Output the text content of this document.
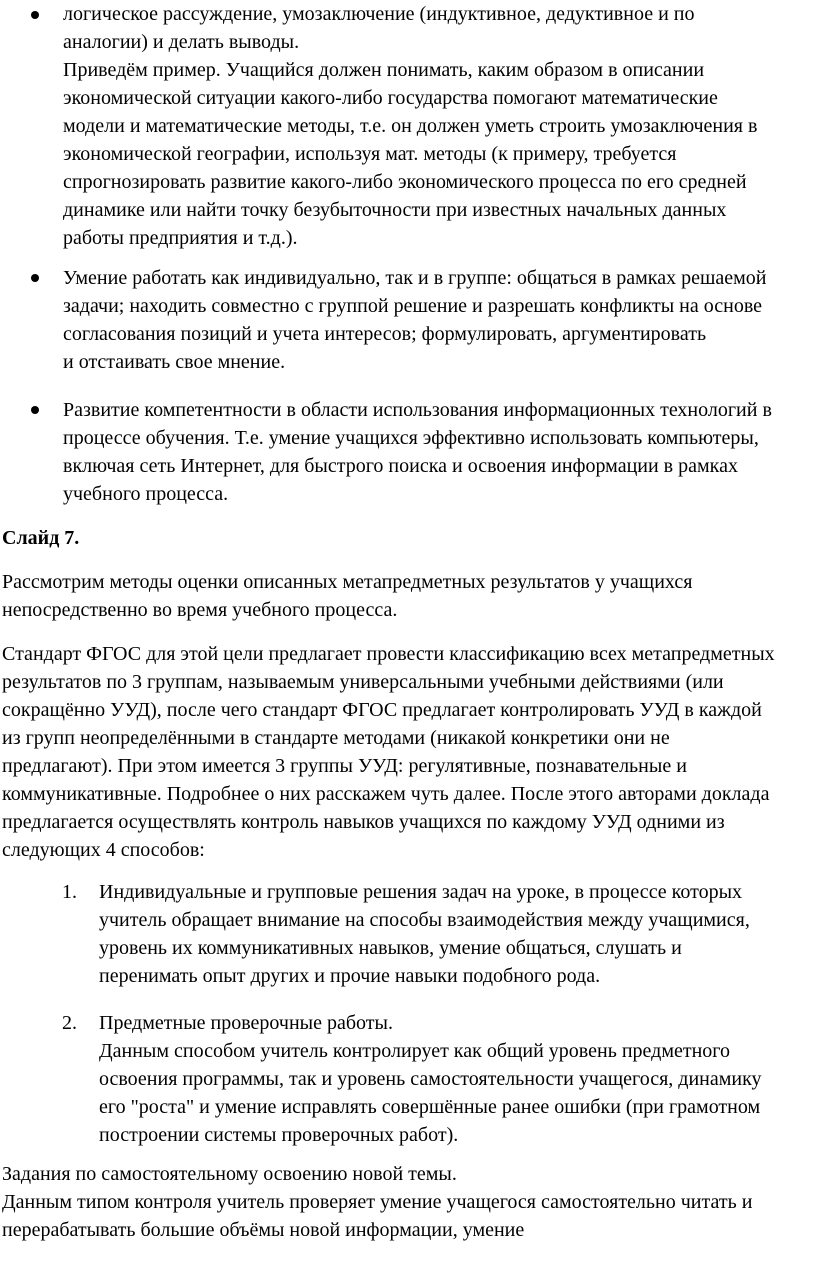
логическое рассуждение, умозаключение (индуктивное, дедуктивное и по
аналогии) и делать выводы.
Приведём пример. Учащийся должен понимать, каким образом в описании
экономической ситуации какого-либо государства помогают математические
модели и математические методы, т.е. он должен уметь строить умозаключения в
экономической географии, используя мат. методы (к примеру, требуется
спрогнозировать развитие какого-либо экономического процесса по его средней
динамике или найти точку безубыточности при известных начальных данных
работы предприятия и т.д.).
Умение работать как индивидуально, так и в группе: общаться в рамках решаемой
задачи; находить совместно с группой решение и разрешать конфликты на основе
согласования позиций и учета интересов; формулировать, аргументировать
и отстаивать свое мнение.
Развитие компетентности в области использования информационных технологий в
процессе обучения. Т.е. умение учащихся эффективно использовать компьютеры,
включая сеть Интернет, для быстрого поиска и освоения информации в рамках
учебного процесса.
Слайд 7.
Рассмотрим методы оценки описанных метапредметных результатов у учащихся
непосредственно во время учебного процесса.
Стандарт ФГОС для этой цели предлагает провести классификацию всех метапредметных
результатов по 3 группам, называемым универсальными учебными действиями (или
сокращённо УУД), после чего стандарт ФГОС предлагает контролировать УУД в каждой
из групп неопределёнными в стандарте методами (никакой конкретики они не
предлагают). При этом имеется 3 группы УУД: регулятивные, познавательные и
коммуникативные. Подробнее о них расскажем чуть далее. После этого авторами доклада
предлагается осуществлять контроль навыков учащихся по каждому УУД одними из
следующих 4 способов:
1. Индивидуальные и групповые решения задач на уроке, в процессе которых
учитель обращает внимание на способы взаимодействия между учащимися,
уровень их коммуникативных навыков, умение общаться, слушать и
перенимать опыт других и прочие навыки подобного рода.
2. Предметные проверочные работы.
Данным способом учитель контролирует как общий уровень предметного
освоения программы, так и уровень самостоятельности учащегося, динамику
его "роста" и умение исправлять совершённые ранее ошибки (при грамотном
построении системы проверочных работ).
Задания по самостоятельному освоению новой темы.
Данным типом контроля учитель проверяет умение учащегося самостоятельно читать и
перерабатывать большие объёмы новой информации, умение
